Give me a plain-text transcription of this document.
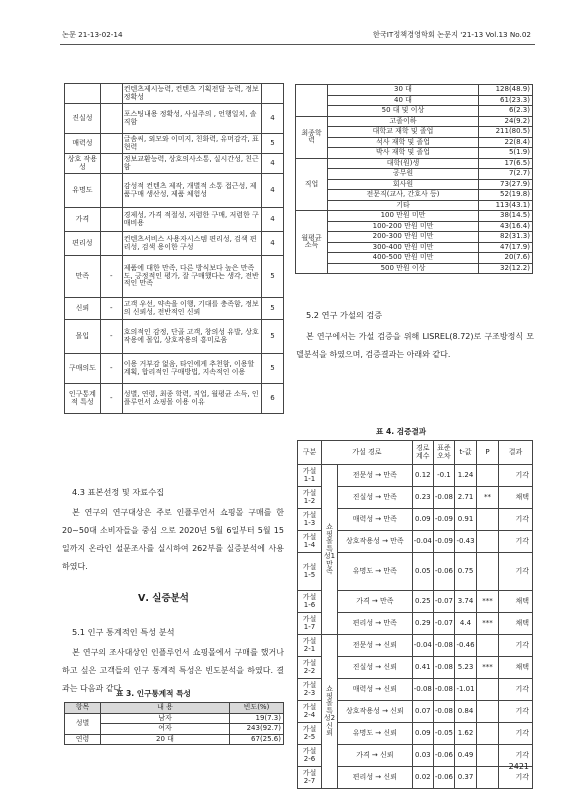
논문 21-13-02-14	한국IT정책경영학회 논문지 '21-13 Vol.13 No.02
		컨텐츠제시능력, 컨텐츠 기획전달 능력, 정보 정확성	
진실성		포스팅내용 정확성, 사실주의 , 언행일치, 솔직함	4
매력성		글솜씨, 외모와 이미지, 친화력, 유머감각, 표현력	5
상호 작용성		정보교환능력, 상호의사소통, 실시간성, 친근함	4
유명도		감성적 컨텐츠 제작, 개별적 소통 접근성, 제품구매 생산성, 제품 체험성	4
가격		경제성, 가격 적절성, 저렴한 구매, 저렴한 구매비용	4
편리성		컨텐츠서비스 사용자시스템 편리성, 검색 편리성, 검색 용이한 구성	4
만족	-	제품에 대한 만족, 다른 방식보다 높은 만족도, 긍정적인 평가, 잘 구매했다는 생각, 전반적인 만족	5
신뢰	-	고객 우선, 약속을 이행, 기대를 충족함, 정보의 신뢰성, 전반적인 신뢰	5
몰입	-	호의적인 감정, 단골 고객, 창의성 유발, 상호작용에 몰입, 상호작용의 흥미로움	5
구매의도	-	이용 거부감 없음, 타인에게 추천함, 이용할 계획, 합리적인 구매방법, 지속적인 이용	5
인구통계적 특성	-	성별, 연령, 최종 학력, 직업, 월평균 소득, 인플루언서 쇼핑몰 이용 이유	6
	30 대	128(48.9)
	40 대	61(23.3)
	50 대 및 이상	6(2.3)
최종학력	고졸이하	24(9.2)
	대학교 재학 및 졸업	211(80.5)
	석사 재학 및 졸업	22(8.4)
	박사 재학 및 졸업	5(1.9)
직업	대학(원)생	17(6.5)
	공무원	7(2.7)
	회사원	73(27.9)
	전문직(교사, 간호사 등)	52(19.8)
	기타	113(43.1)
월평균 소득	100 만원 미만	38(14.5)
	100-200 만원 미만	43(16.4)
	200-300 만원 미만	82(31.3)
	300-400 만원 미만	47(17.9)
	400-500 만원 미만	20(7.6)
	500 만원 이상	32(12.2)
5.2 연구 가설의 검증
본 연구에서는 가설 검증을 위해 LISREL(8.72)로 구조방정식 모델분석을 하였으며, 검증결과는 아래와 같다.
표 4. 검증결과
구분	가설 경로		경로계수	표준오차	t-값	P	결과
가설 1-1	쇼핑몰특성1 만족	전문성 → 만족	0.12	-0.1	1.24		기각
가설 1-2		진실성 → 만족	0.23	-0.08	2.71	**	채택
가설 1-3		매력성 → 만족	0.09	-0.09	0.91		기각
가설 1-4		상호작용성 → 만족	-0.04	-0.09	-0.43		기각
가설 1-5		유명도 → 만족	0.05	-0.06	0.75		기각
가설 1-6		가격 → 만족	0.25	-0.07	3.74	***	채택
가설 1-7		편리성 → 만족	0.29	-0.07	4.4	***	채택
가설 2-1	쇼핑몰특성2 신뢰	전문성 → 신뢰	-0.04	-0.08	-0.46		기각
가설 2-2		진실성 → 신뢰	0.41	-0.08	5.23	***	채택
가설 2-3		매력성 → 신뢰	-0.08	-0.08	-1.01		기각
가설 2-4		상호작용성 → 신뢰	0.07	-0.08	0.84		기각
가설 2-5		유명도 → 신뢰	0.09	-0.05	1.62		기각
가설 2-6		가격 → 신뢰	0.03	-0.06	0.49		기각
가설 2-7		편리성 → 신뢰	0.02	-0.06	0.37		기각
4.3 표본선정 및 자료수집
본 연구의 연구대상은 주로 인플루언서 쇼핑몰 구매를 한 20~50대 소비자들을 중심 으로 2020년 5월 6일부터 5월 15일까지 온라인 설문조사를 실시하여 262부를 실증분석에 사용하였다.
Ⅴ. 실증분석
5.1 인구 통계적인 특성 분석
본 연구의 조사대상인 인플루언서 쇼핑몰에서 구매를 했거나 하고 싶은 고객들의 인구 통계적 특성은 빈도분석을 하였다. 결과는 다음과 같다.
표 3. 인구통계적 특성
항목	내 용	빈도(%)
성별	남자	19(7.3)
	여자	243(92.7)
연령	20 대	67(25.6)
2421
